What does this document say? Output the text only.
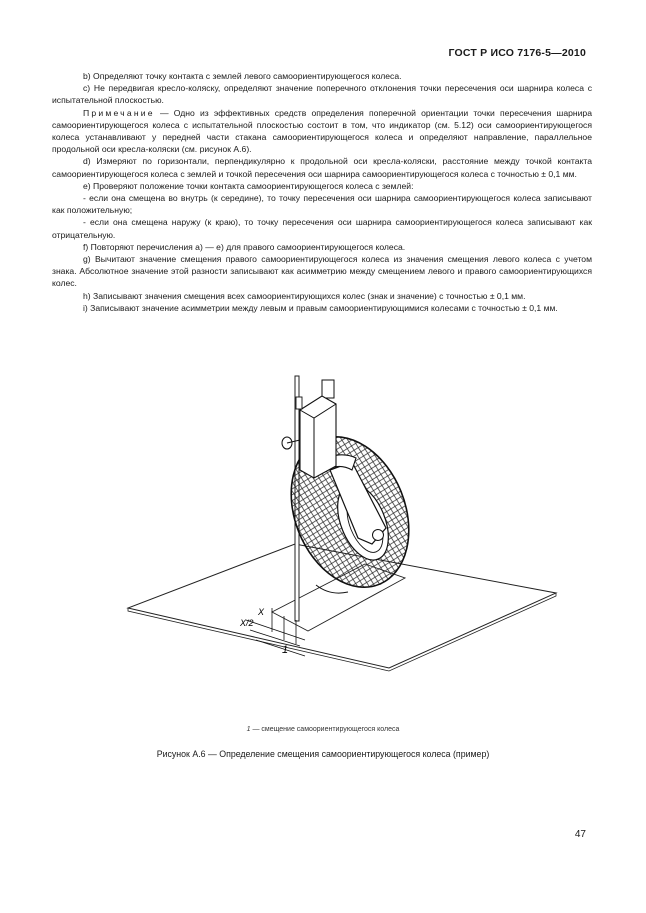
ГОСТ Р ИСО 7176-5—2010

b) Определяют точку контакта с землей левого самоориентирующегося колеса.

c) Не передвигая кресло-коляску, определяют значение поперечного отклонения точки пересечения оси шарнира колеса с испытательной плоскостью.

Примечание — Одно из эффективных средств определения поперечной ориентации точки пересечения шарнира самоориентирующегося колеса с испытательной плоскостью состоит в том, что индикатор (см. 5.12) оси самоориентирующегося колеса устанавливают у передней части стакана самоориентирующегося колеса и определяют направление, параллельное продольной оси кресла-коляски (см. рисунок А.6).

d) Измеряют по горизонтали, перпендикулярно к продольной оси кресла-коляски, расстояние между точкой контакта самоориентирующегося колеса с землей и точкой пересечения оси шарнира самоориентирующегося колеса с точностью ± 0,1 мм.

e) Проверяют положение точки контакта самоориентирующегося колеса с землей:

- если она смещена во внутрь (к середине), то точку пересечения оси шарнира самоориентирующегося колеса записывают как положительную;

- если она смещена наружу (к краю), то точку пересечения оси шарнира самоориентирующегося колеса записывают как отрицательную.

f) Повторяют перечисления а) — е) для правого самоориентирующегося колеса.

g) Вычитают значение смещения правого самоориентирующегося колеса из значения смещения левого колеса с учетом знака. Абсолютное значение этой разности записывают как асимметрию между смещением левого и правого самоориентирующихся колес.

h) Записывают значения смещения всех самоориентирующихся колес (знак и значение) с точностью ± 0,1 мм.

i) Записывают значение асимметрии между левым и правым самоориентирующимися колесами с точностью ± 0,1 мм.

X
X/2
1
1 — смещение самоориентирующегося колеса
Рисунок А.6 — Определение смещения самоориентирующегося колеса (пример)
47
